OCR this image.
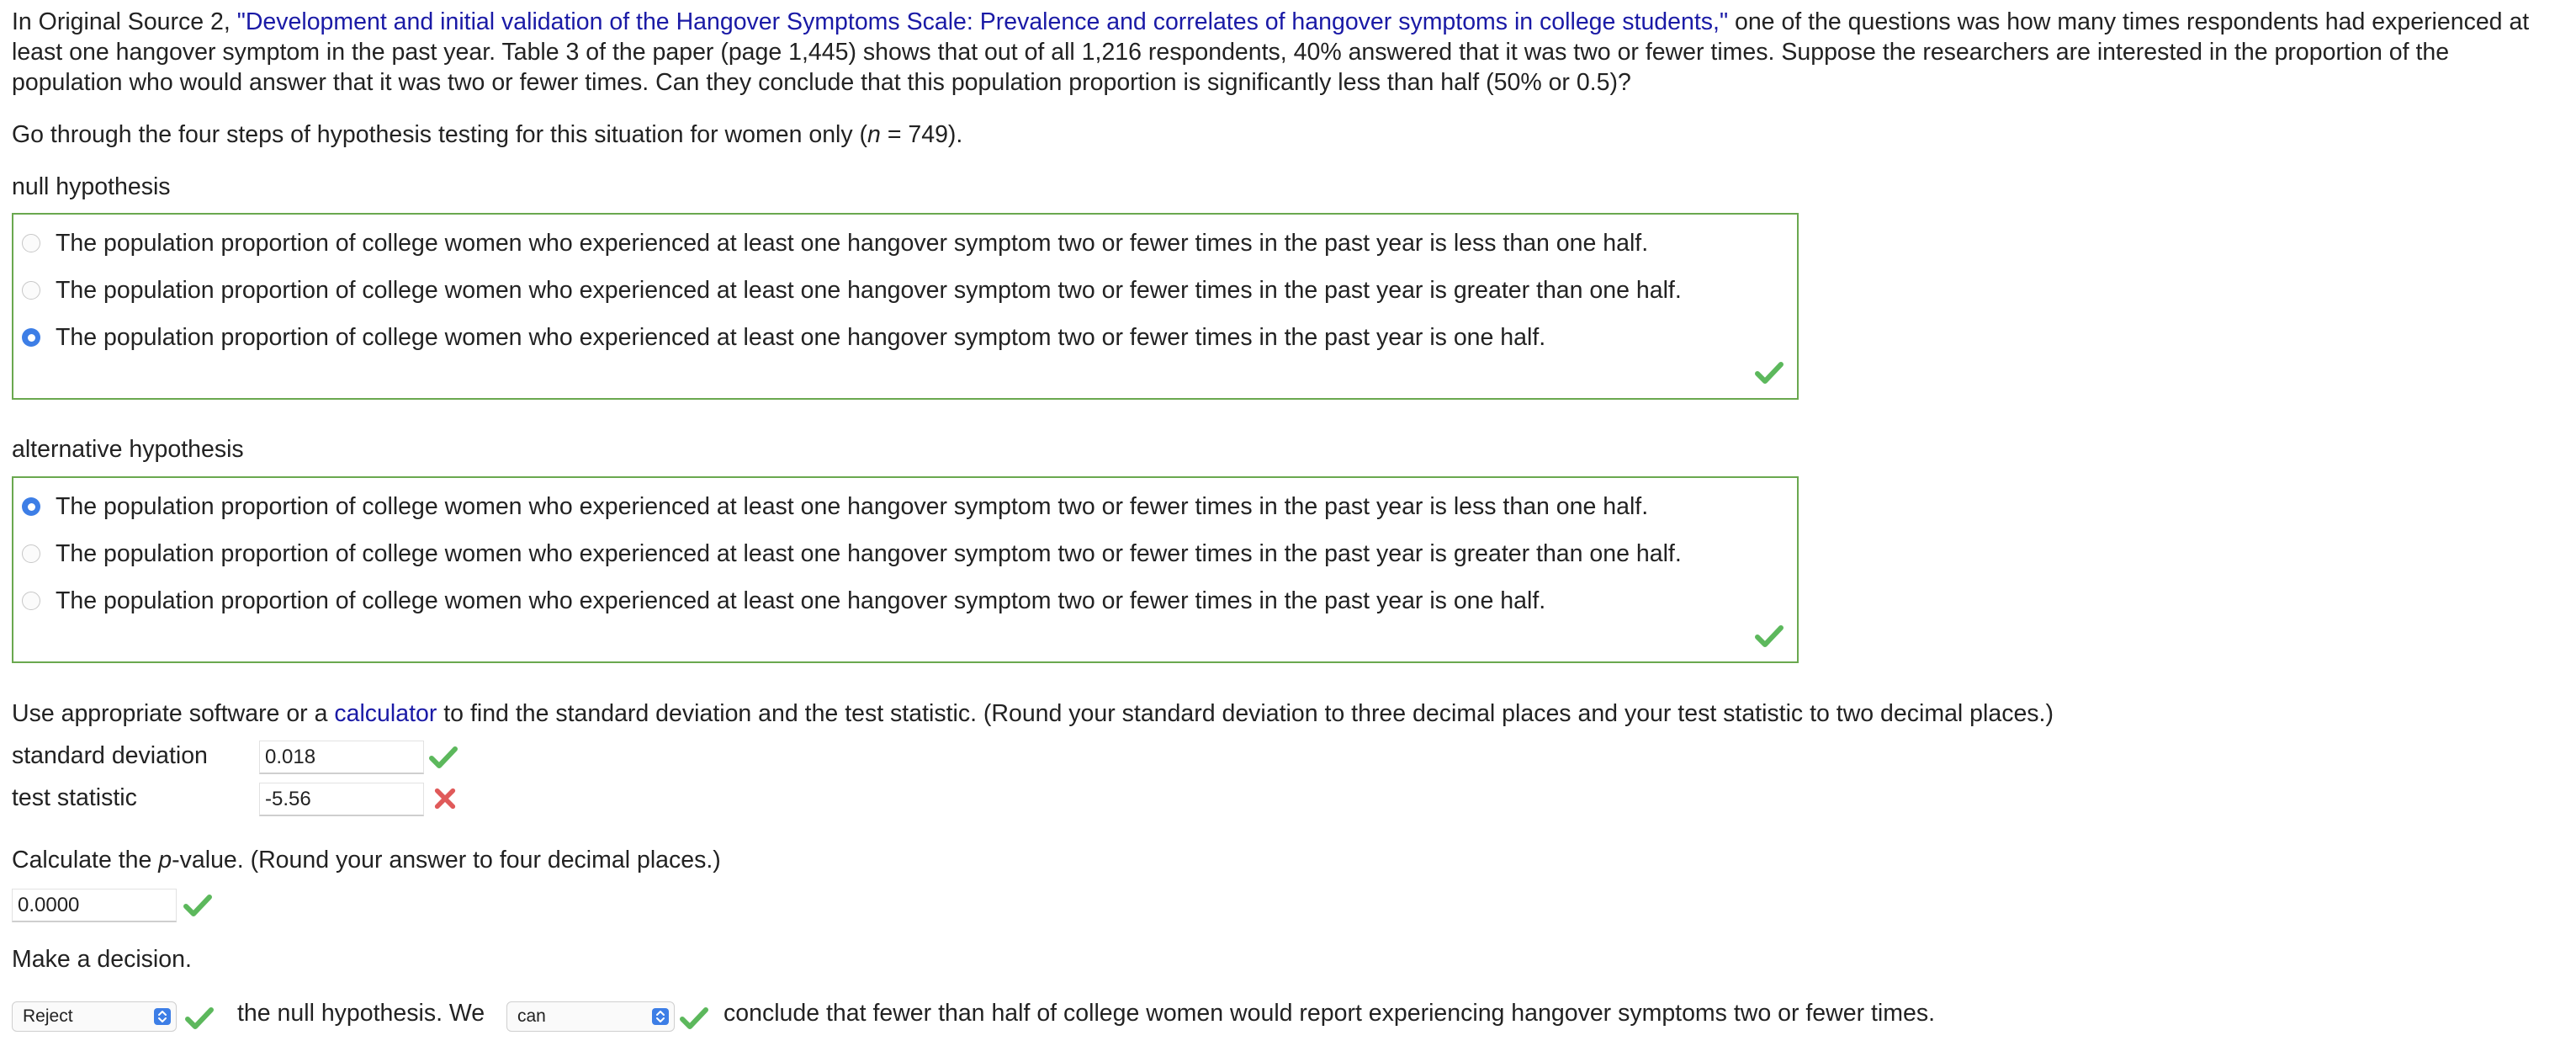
In Original Source 2, "Development and initial validation of the Hangover Symptoms Scale: Prevalence and correlates of hangover symptoms in college students," one of the questions was how many times respondents had experienced at least one hangover symptom in the past year. Table 3 of the paper (page 1,445) shows that out of all 1,216 respondents, 40% answered that it was two or fewer times. Suppose the researchers are interested in the proportion of the population who would answer that it was two or fewer times. Can they conclude that this population proportion is significantly less than half (50% or 0.5)?

Go through the four steps of hypothesis testing for this situation for women only (n = 749).
null hypothesis
The population proportion of college women who experienced at least one hangover symptom two or fewer times in the past year is less than one half.
The population proportion of college women who experienced at least one hangover symptom two or fewer times in the past year is greater than one half.
The population proportion of college women who experienced at least one hangover symptom two or fewer times in the past year is one half.
alternative hypothesis
The population proportion of college women who experienced at least one hangover symptom two or fewer times in the past year is less than one half.
The population proportion of college women who experienced at least one hangover symptom two or fewer times in the past year is greater than one half.
The population proportion of college women who experienced at least one hangover symptom two or fewer times in the past year is one half.
Use appropriate software or a calculator to find the standard deviation and the test statistic. (Round your standard deviation to three decimal places and your test statistic to two decimal places.)
standard deviation
0.018
test statistic
-5.56
Calculate the p-value. (Round your answer to four decimal places.)
0.0000
Make a decision.
Reject	the null hypothesis. We can	conclude that fewer than half of college women would report experiencing hangover symptoms two or fewer times.
